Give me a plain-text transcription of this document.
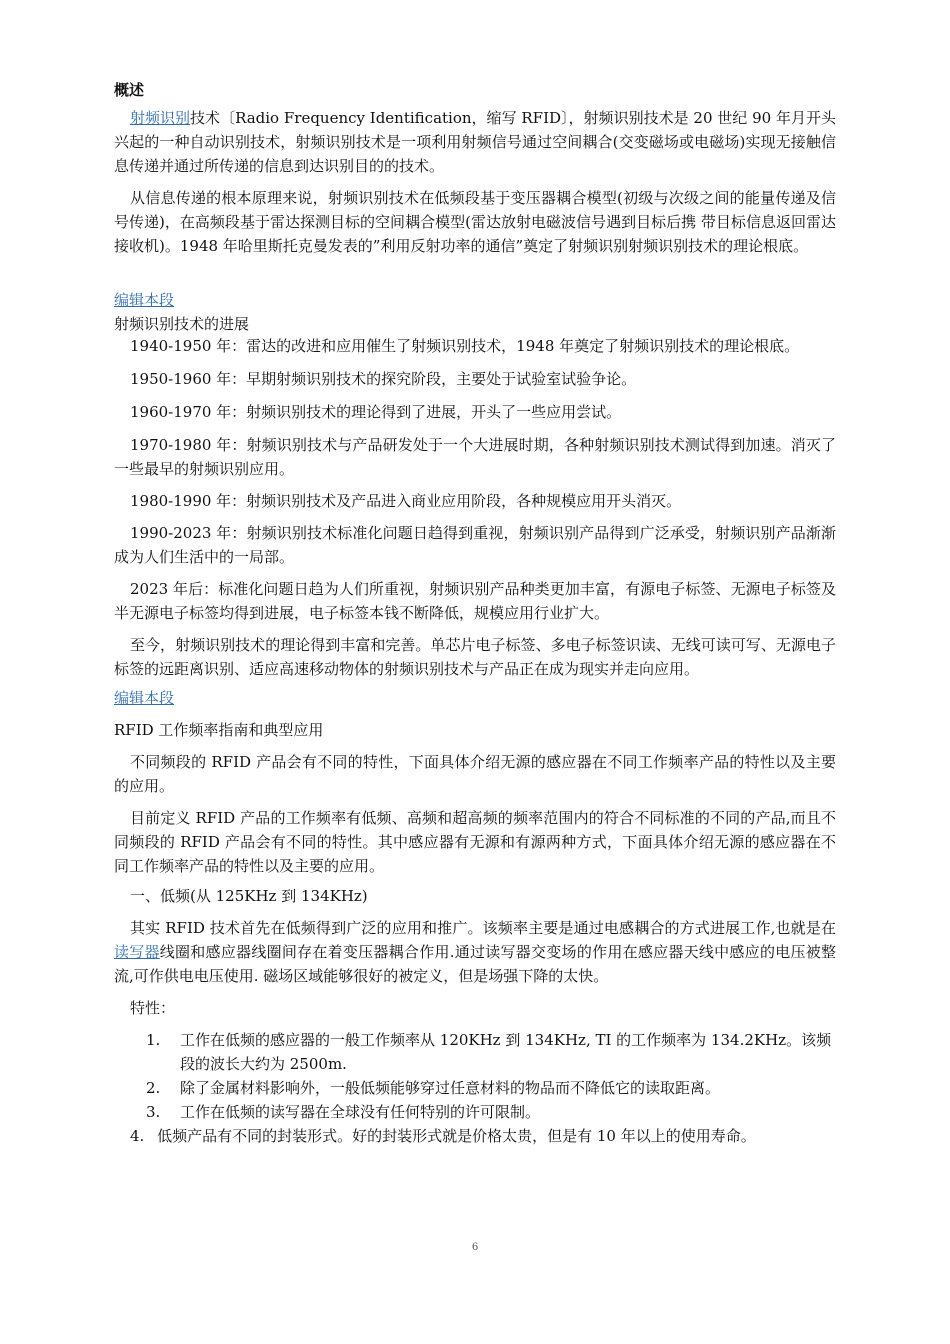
概述
射频识别技术〔Radio Frequency Identification，缩写 RFID〕，射频识别技术是 20 世纪 90 年月开头兴起的一种自动识别技术，射频识别技术是一项利用射频信号通过空间耦合(交变磁场或电磁场)实现无接触信息传递并通过所传递的信息到达识别目的的技术。
从信息传递的根本原理来说，射频识别技术在低频段基于变压器耦合模型(初级与次级之间的能量传递及信号传递)，在高频段基于雷达探测目标的空间耦合模型(雷达放射电磁波信号遇到目标后携 带目标信息返回雷达接收机)。1948 年哈里斯托克曼发表的”利用反射功率的通信”奠定了射频识别射频识别技术的理论根底。
编辑本段
射频识别技术的进展
1940-1950 年：雷达的改进和应用催生了射频识别技术，1948 年奠定了射频识别技术的理论根底。
1950-1960 年：早期射频识别技术的探究阶段，主要处于试验室试验争论。
1960-1970 年：射频识别技术的理论得到了进展，开头了一些应用尝试。
1970-1980 年：射频识别技术与产品研发处于一个大进展时期，各种射频识别技术测试得到加速。消灭了一些最早的射频识别应用。
1980-1990 年：射频识别技术及产品进入商业应用阶段，各种规模应用开头消灭。
1990-2023 年：射频识别技术标准化问题日趋得到重视，射频识别产品得到广泛承受，射频识别产品渐渐成为人们生活中的一局部。
2023 年后：标准化问题日趋为人们所重视，射频识别产品种类更加丰富，有源电子标签、无源电子标签及半无源电子标签均得到进展，电子标签本钱不断降低，规模应用行业扩大。
至今，射频识别技术的理论得到丰富和完善。单芯片电子标签、多电子标签识读、无线可读可写、无源电子标签的远距离识别、适应高速移动物体的射频识别技术与产品正在成为现实并走向应用。
编辑本段
RFID 工作频率指南和典型应用
不同频段的 RFID 产品会有不同的特性，下面具体介绍无源的感应器在不同工作频率产品的特性以及主要的应用。
目前定义 RFID 产品的工作频率有低频、高频和超高频的频率范围内的符合不同标准的不同的产品,而且不同频段的 RFID 产品会有不同的特性。其中感应器有无源和有源两种方式，下面具体介绍无源的感应器在不同工作频率产品的特性以及主要的应用。
一、低频(从 125KHz 到 134KHz)
其实 RFID 技术首先在低频得到广泛的应用和推广。该频率主要是通过电感耦合的方式进展工作,也就是在读写器线圈和感应器线圈间存在着变压器耦合作用.通过读写器交变场的作用在感应器天线中感应的电压被整流,可作供电电压使用. 磁场区域能够很好的被定义，但是场强下降的太快。
特性：
1.	工作在低频的感应器的一般工作频率从 120KHz 到 134KHz, TI 的工作频率为 134.2KHz。该频段的波长大约为 2500m.
2.	除了金属材料影响外，一般低频能够穿过任意材料的物品而不降低它的读取距离。
3.	工作在低频的读写器在全球没有任何特别的许可限制。
4. 低频产品有不同的封装形式。好的封装形式就是价格太贵，但是有 10 年以上的使用寿命。
6
